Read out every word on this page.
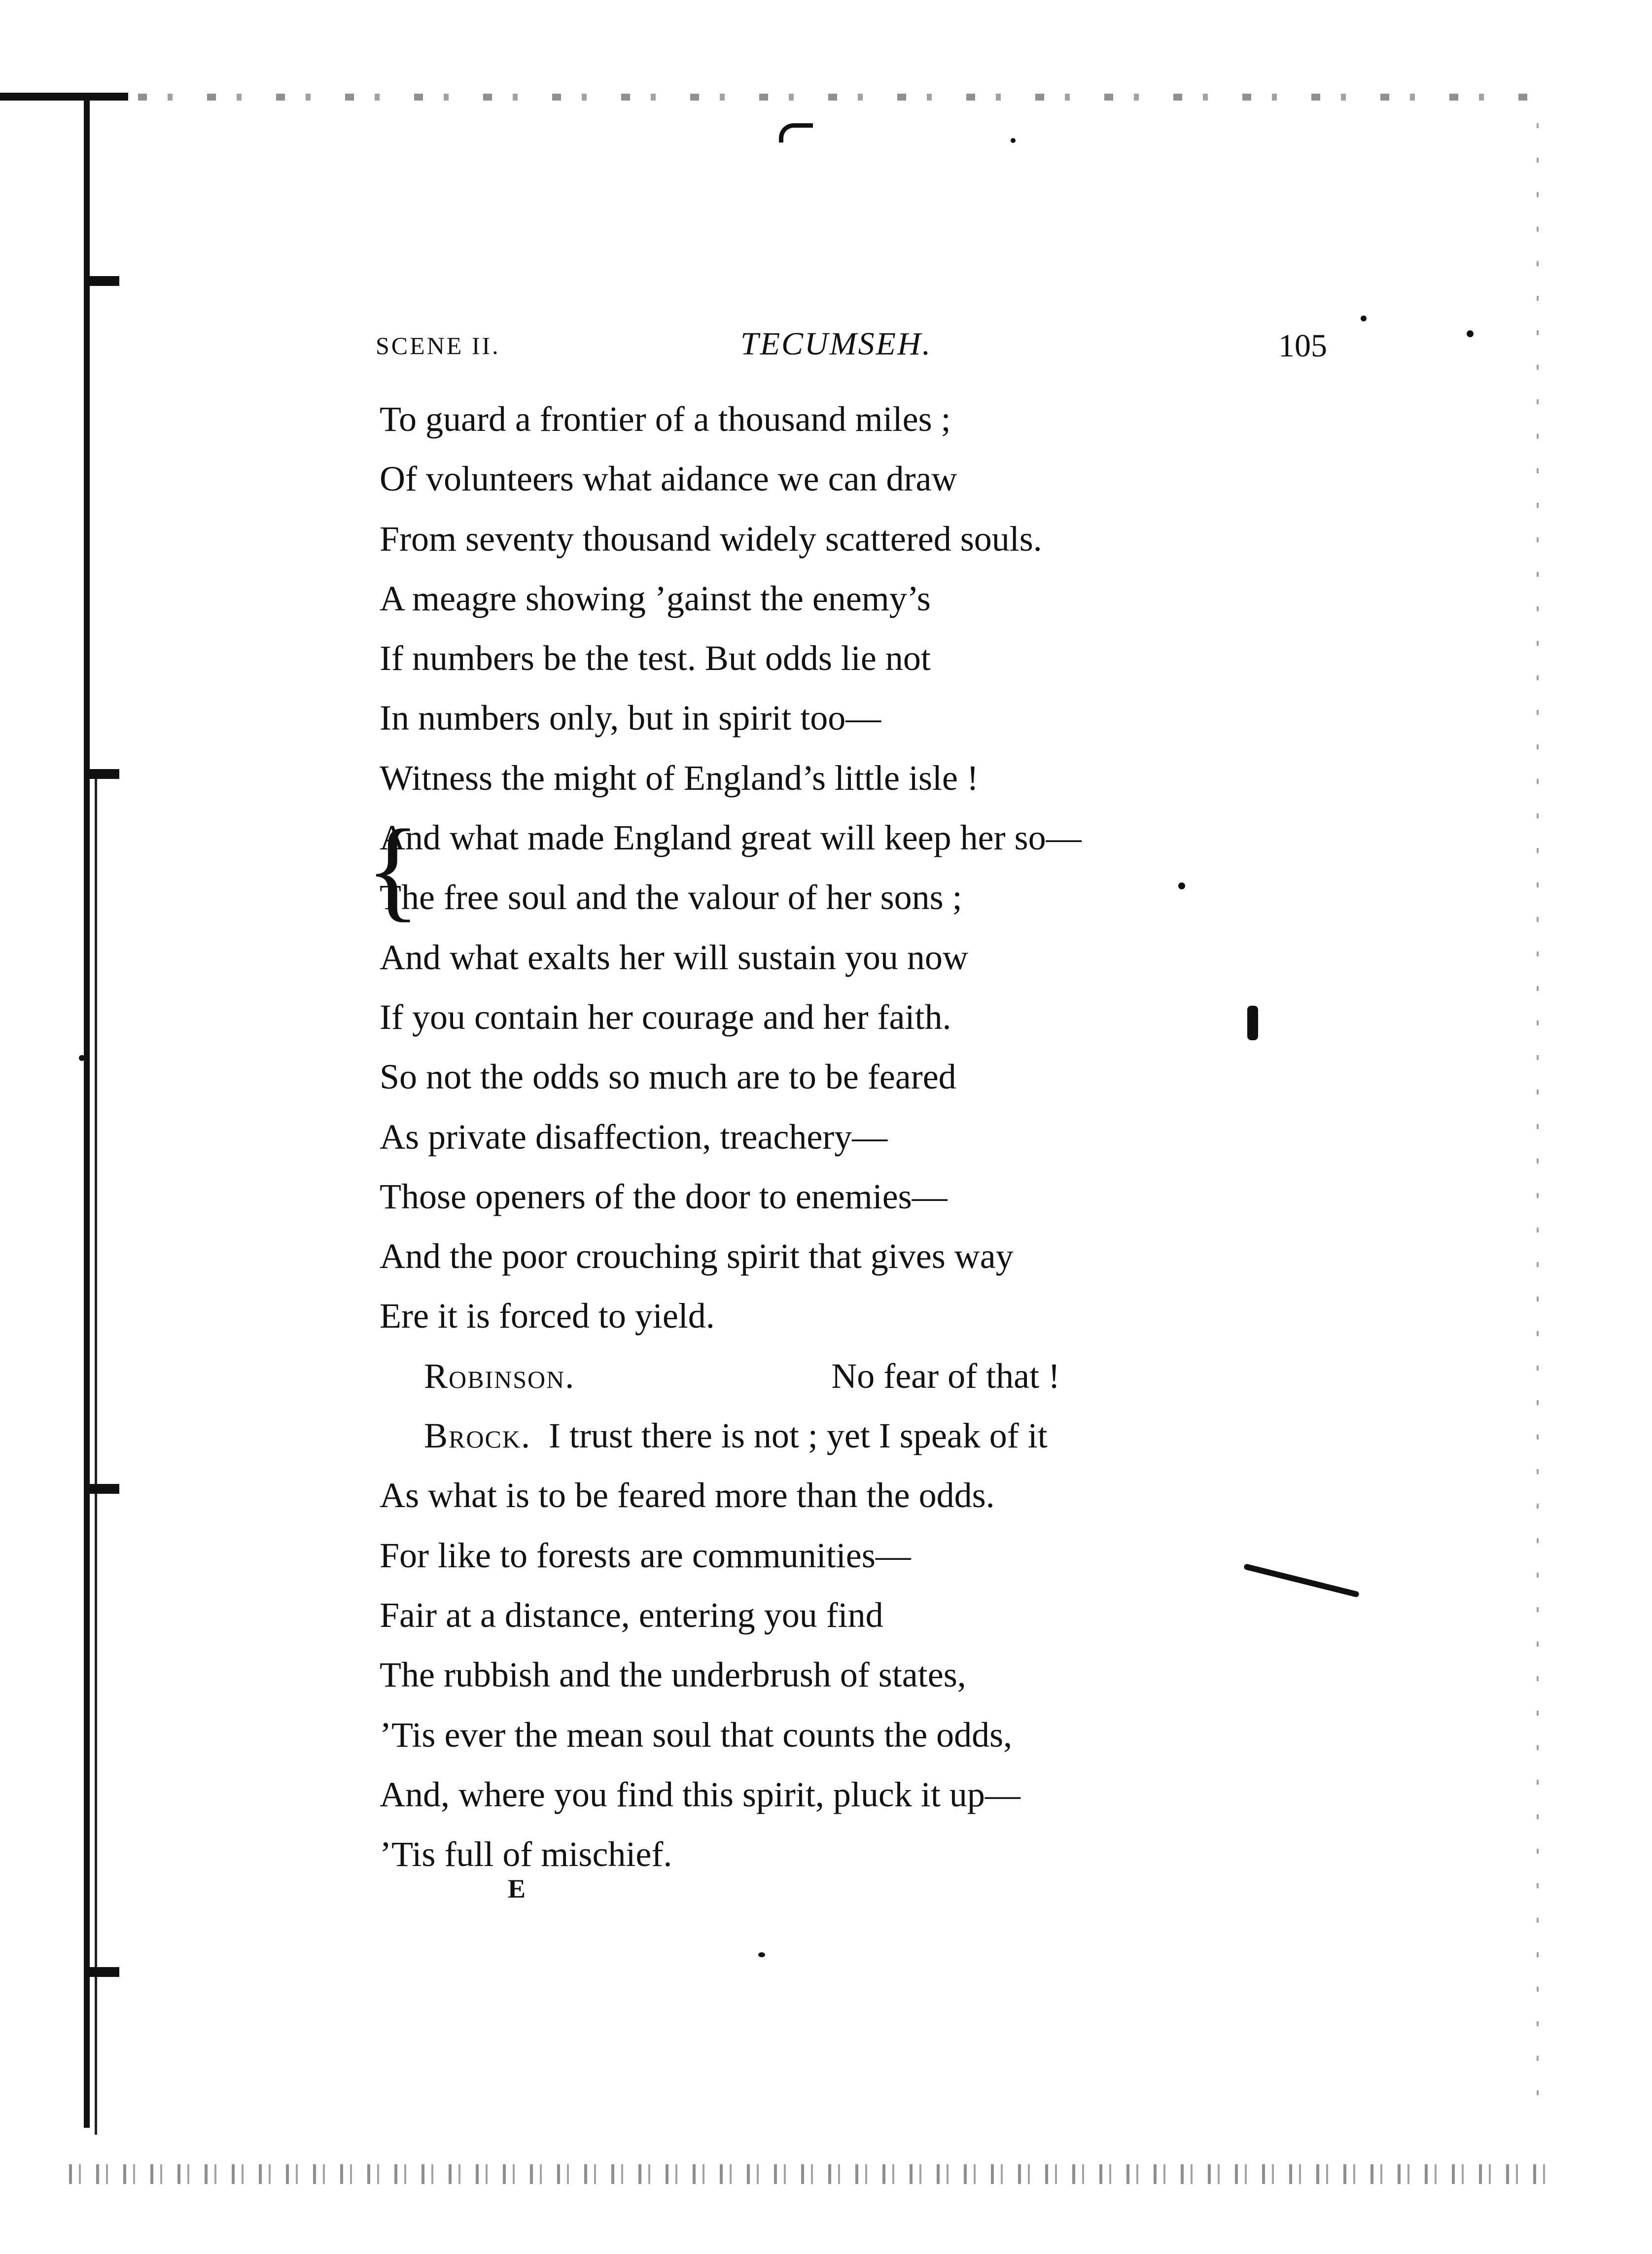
SCENE II.	TECUMSEH.	105
{
To guard a frontier of a thousand miles ;
Of volunteers what aidance we can draw
From seventy thousand widely scattered souls.
A meagre showing ’gainst the enemy’s
If numbers be the test. But odds lie not
In numbers only, but in spirit too—
Witness the might of England’s little isle !
And what made England great will keep her so—
The free soul and the valour of her sons ;
And what exalts her will sustain you now
If you contain her courage and her faith.
So not the odds so much are to be feared
As private disaffection, treachery—
Those openers of the door to enemies—
And the poor crouching spirit that gives way
Ere it is forced to yield.
Robinson.	No fear of that !
Brock. I trust there is not ; yet I speak of it
As what is to be feared more than the odds.
For like to forests are communities—
Fair at a distance, entering you find
The rubbish and the underbrush of states,
’Tis ever the mean soul that counts the odds,
And, where you find this spirit, pluck it up—
’Tis full of mischief.
E
